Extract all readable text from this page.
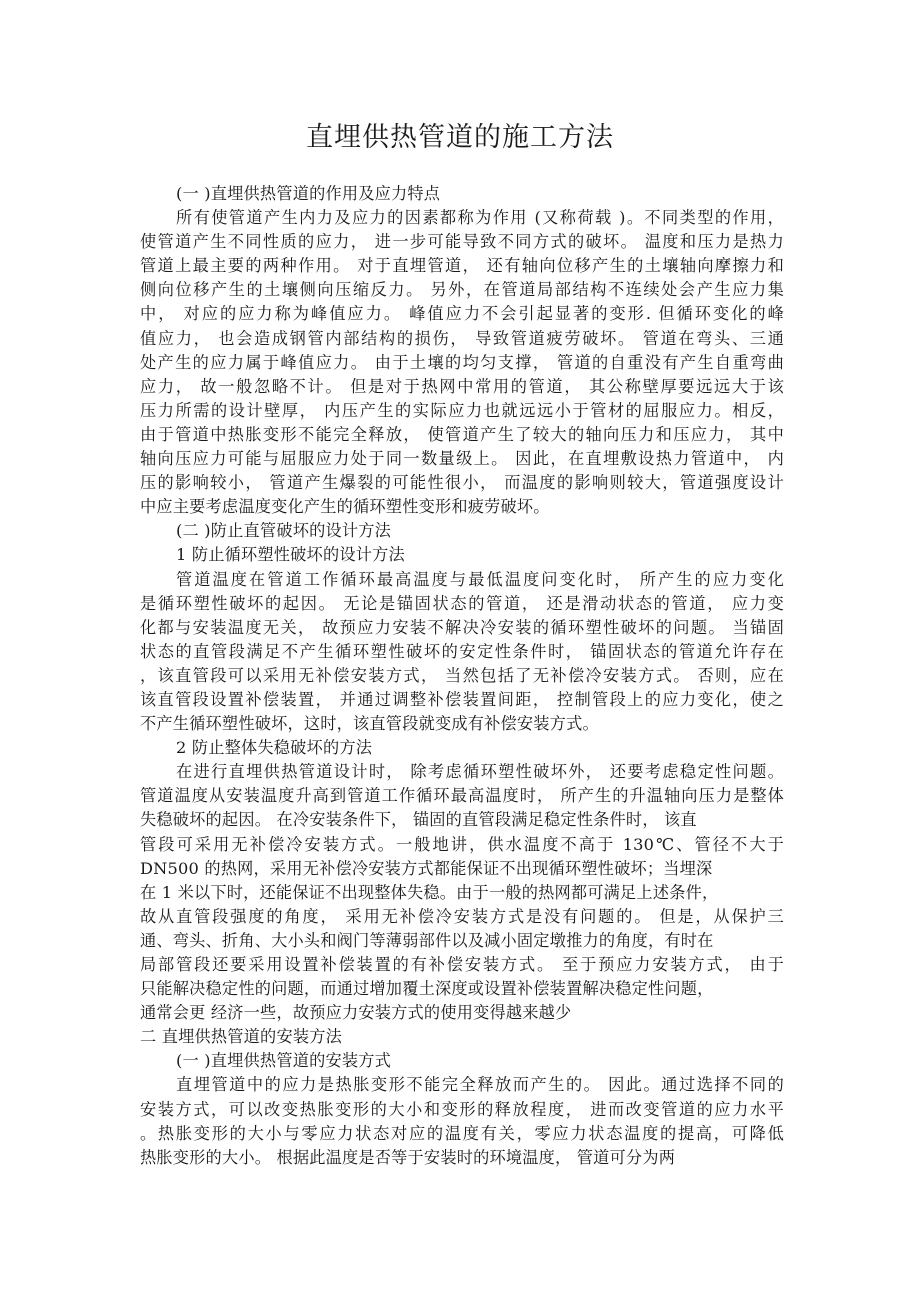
直埋供热管道的施工方法
(一 )直埋供热管道的作用及应力特点
所有使管道产生内力及应力的因素都称为作用 (又称荷载 )。不同类型的作用，
使管道产生不同性质的应力， 进一步可能导致不同方式的破坏。 温度和压力是热力
管道上最主要的两种作用。 对于直埋管道， 还有轴向位移产生的土壤轴向摩擦力和
侧向位移产生的土壤侧向压缩反力。 另外，在管道局部结构不连续处会产生应力集
中， 对应的应力称为峰值应力。 峰值应力不会引起显著的变形. 但循环变化的峰
值应力， 也会造成钢管内部结构的损伤， 导致管道疲劳破坏。 管道在弯头、三通
处产生的应力属于峰值应力。 由于土壤的均匀支撑， 管道的自重没有产生自重弯曲
应力， 故一般忽略不计。 但是对于热网中常用的管道， 其公称壁厚要远远大于该
压力所需的设计壁厚， 内压产生的实际应力也就远远小于管材的屈服应力。相反，
由于管道中热胀变形不能完全释放， 使管道产生了较大的轴向压力和压应力， 其中
轴向压应力可能与屈服应力处于同一数量级上。 因此，在直埋敷设热力管道中， 内
压的影响较小， 管道产生爆裂的可能性很小， 而温度的影响则较大，管道强度设计
中应主要考虑温度变化产生的循环塑性变形和疲劳破坏。
(二 )防止直管破坏的设计方法
1 防止循环塑性破坏的设计方法
管道温度在管道工作循环最高温度与最低温度问变化时， 所产生的应力变化
是循环塑性破坏的起因。 无论是锚固状态的管道， 还是滑动状态的管道， 应力变
化都与安装温度无关， 故预应力安装不解决冷安装的循环塑性破坏的问题。 当锚固
状态的直管段满足不产生循环塑性破坏的安定性条件时， 锚固状态的管道允许存在
，该直管段可以采用无补偿安装方式， 当然包括了无补偿冷安装方式。 否则，应在
该直管段设置补偿装置， 并通过调整补偿装置间距， 控制管段上的应力变化，使之
不产生循环塑性破坏，这时，该直管段就变成有补偿安装方式。
2 防止整体失稳破坏的方法
在进行直埋供热管道设计时， 除考虑循环塑性破坏外， 还要考虑稳定性问题。
管道温度从安装温度升高到管道工作循环最高温度时， 所产生的升温轴向压力是整体
失稳破坏的起因。 在冷安装条件下， 锚固的直管段满足稳定性条件时， 该直
管段可采用无补偿冷安装方式。一般地讲，供水温度不高于 130℃、管径不大于
DN500 的热网，采用无补偿冷安装方式都能保证不出现循环塑性破坏；当埋深
在 1 米以下时，还能保证不出现整体失稳。由于一般的热网都可满足上述条件，
故从直管段强度的角度， 采用无补偿冷安装方式是没有问题的。 但是，从保护三
通、弯头、折角、大小头和阀门等薄弱部件以及减小固定墩推力的角度，有时在
局部管段还要采用设置补偿装置的有补偿安装方式。 至于预应力安装方式， 由于
只能解决稳定性的问题，而通过增加覆土深度或设置补偿装置解决稳定性问题，
通常会更 经济一些，故预应力安装方式的使用变得越来越少
二 直埋供热管道的安装方法
(一 )直埋供热管道的安装方式
直埋管道中的应力是热胀变形不能完全释放而产生的。 因此。通过选择不同的
安装方式，可以改变热胀变形的大小和变形的释放程度， 进而改变管道的应力水平
。热胀变形的大小与零应力状态对应的温度有关，零应力状态温度的提高，可降低
热胀变形的大小。 根据此温度是否等于安装时的环境温度， 管道可分为两
